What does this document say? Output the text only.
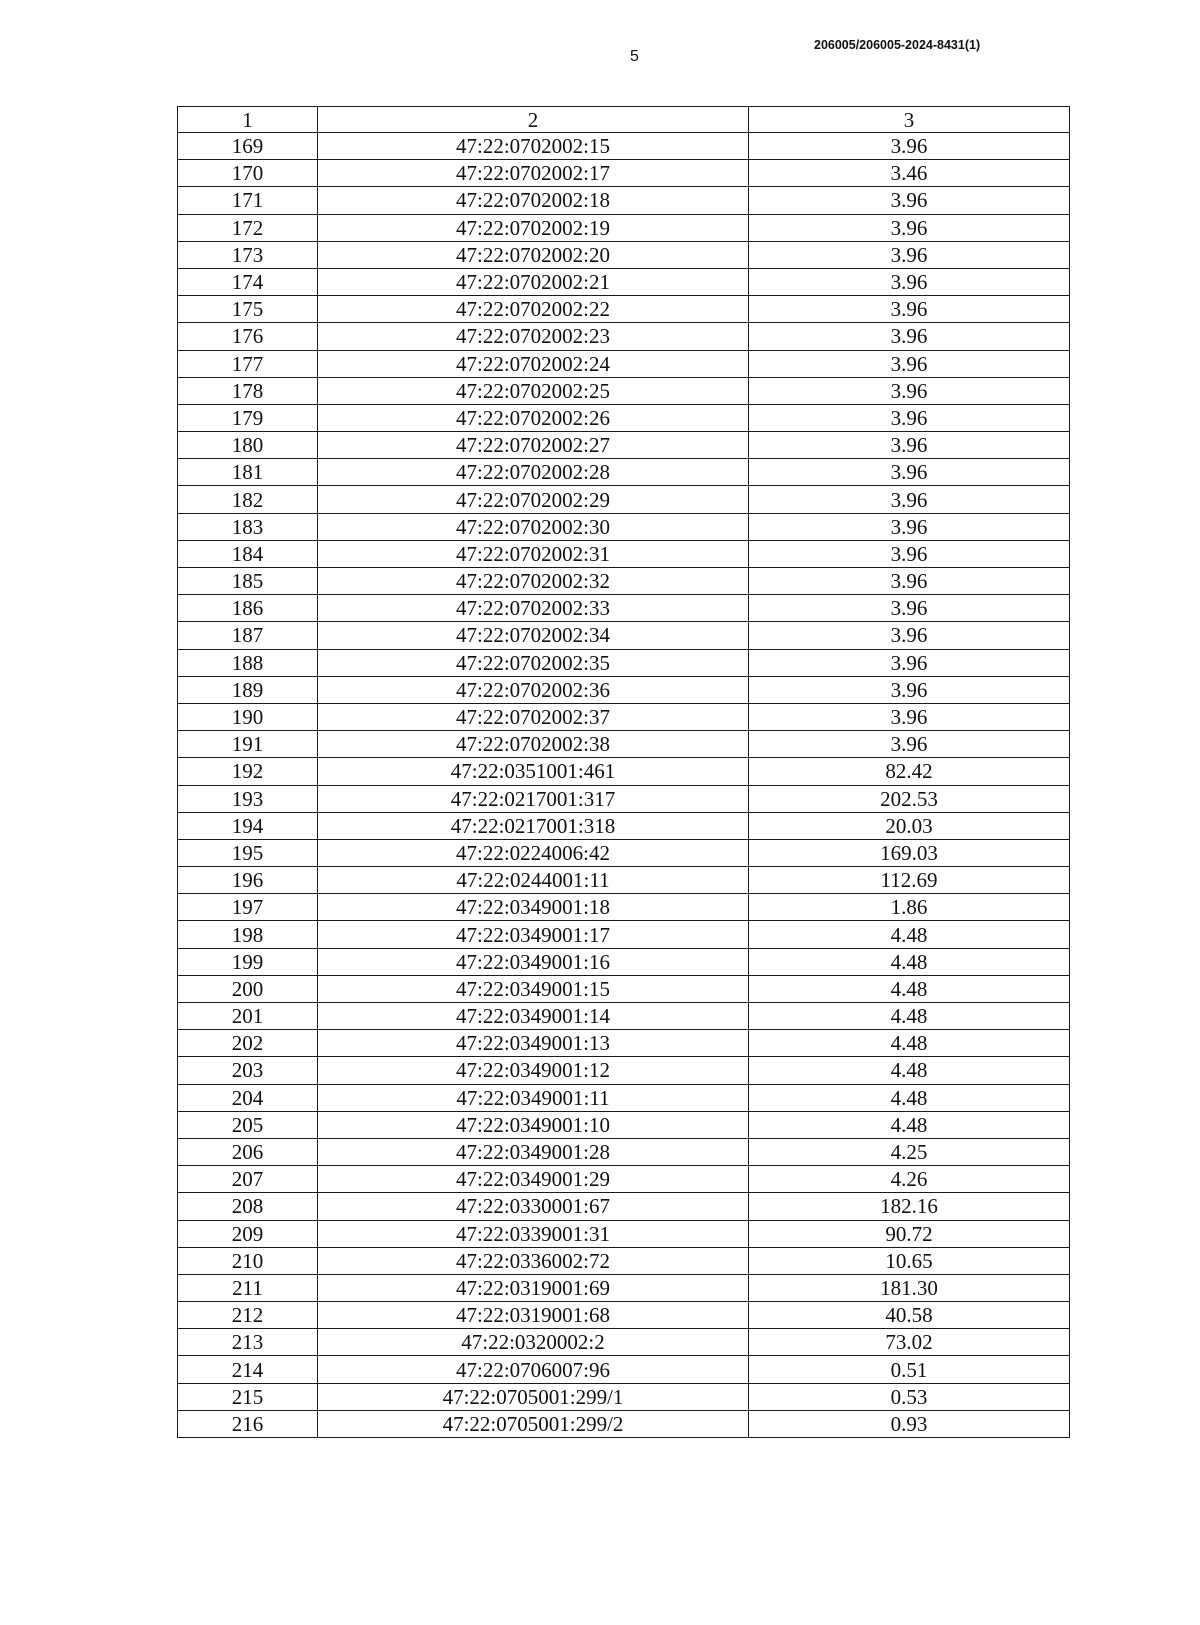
5
206005/206005-2024-8431(1)
1	2	3
169	47:22:0702002:15	3.96
170	47:22:0702002:17	3.46
171	47:22:0702002:18	3.96
172	47:22:0702002:19	3.96
173	47:22:0702002:20	3.96
174	47:22:0702002:21	3.96
175	47:22:0702002:22	3.96
176	47:22:0702002:23	3.96
177	47:22:0702002:24	3.96
178	47:22:0702002:25	3.96
179	47:22:0702002:26	3.96
180	47:22:0702002:27	3.96
181	47:22:0702002:28	3.96
182	47:22:0702002:29	3.96
183	47:22:0702002:30	3.96
184	47:22:0702002:31	3.96
185	47:22:0702002:32	3.96
186	47:22:0702002:33	3.96
187	47:22:0702002:34	3.96
188	47:22:0702002:35	3.96
189	47:22:0702002:36	3.96
190	47:22:0702002:37	3.96
191	47:22:0702002:38	3.96
192	47:22:0351001:461	82.42
193	47:22:0217001:317	202.53
194	47:22:0217001:318	20.03
195	47:22:0224006:42	169.03
196	47:22:0244001:11	112.69
197	47:22:0349001:18	1.86
198	47:22:0349001:17	4.48
199	47:22:0349001:16	4.48
200	47:22:0349001:15	4.48
201	47:22:0349001:14	4.48
202	47:22:0349001:13	4.48
203	47:22:0349001:12	4.48
204	47:22:0349001:11	4.48
205	47:22:0349001:10	4.48
206	47:22:0349001:28	4.25
207	47:22:0349001:29	4.26
208	47:22:0330001:67	182.16
209	47:22:0339001:31	90.72
210	47:22:0336002:72	10.65
211	47:22:0319001:69	181.30
212	47:22:0319001:68	40.58
213	47:22:0320002:2	73.02
214	47:22:0706007:96	0.51
215	47:22:0705001:299/1	0.53
216	47:22:0705001:299/2	0.93
